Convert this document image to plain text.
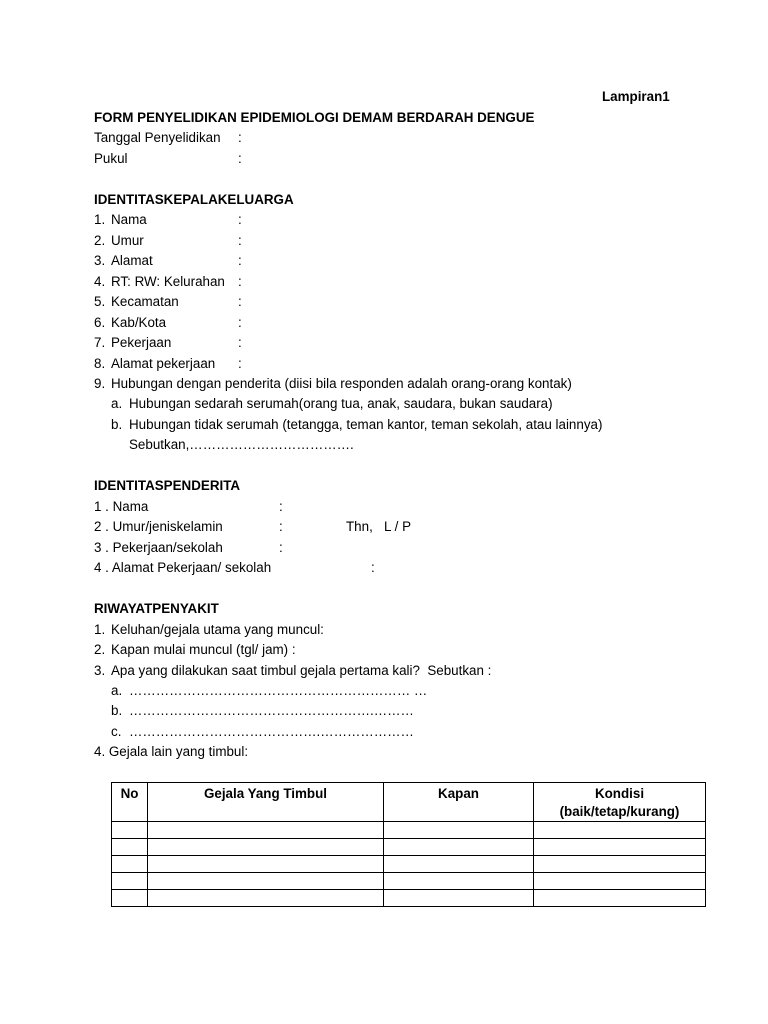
Lampiran1
FORM PENYELIDIKAN EPIDEMIOLOGI DEMAM BERDARAH DENGUE
Tanggal Penyelidikan :
Pukul	:
IDENTITASKEPALAKELUARGA
1. Nama	:
2. Umur	:
3. Alamat	:
4. RT: RW: Kelurahan :
5. Kecamatan	:
6. Kab/Kota	:
7. Pekerjaan	:
8. Alamat pekerjaan :
9. Hubungan dengan penderita (diisi bila responden adalah orang-orang kontak)
a. Hubungan sedarah serumah(orang tua, anak, saudara, bukan saudara)
b. Hubungan tidak serumah (tetangga, teman kantor, teman sekolah, atau lainnya)
Sebutkan,……………………………….
IDENTITASPENDERITA
1 . Nama	:
2 . Umur/jeniskelamin	:	Thn,   L / P
3 . Pekerjaan/sekolah	:
4 . Alamat Pekerjaan/ sekolah	:
RIWAYATPENYAKIT
1. Keluhan/gejala utama yang muncul:
2. Kapan mulai muncul (tgl/ jam) :
3. Apa yang dilakukan saat timbul gejala pertama kali?  Sebutkan :
a. ……………………………………………………… …
b. ……………………………………………….………
c. …………………………………….…………………
4. Gejala lain yang timbul:
No	Gejala Yang Timbul	Kapan	Kondisi
(baik/tetap/kurang)
